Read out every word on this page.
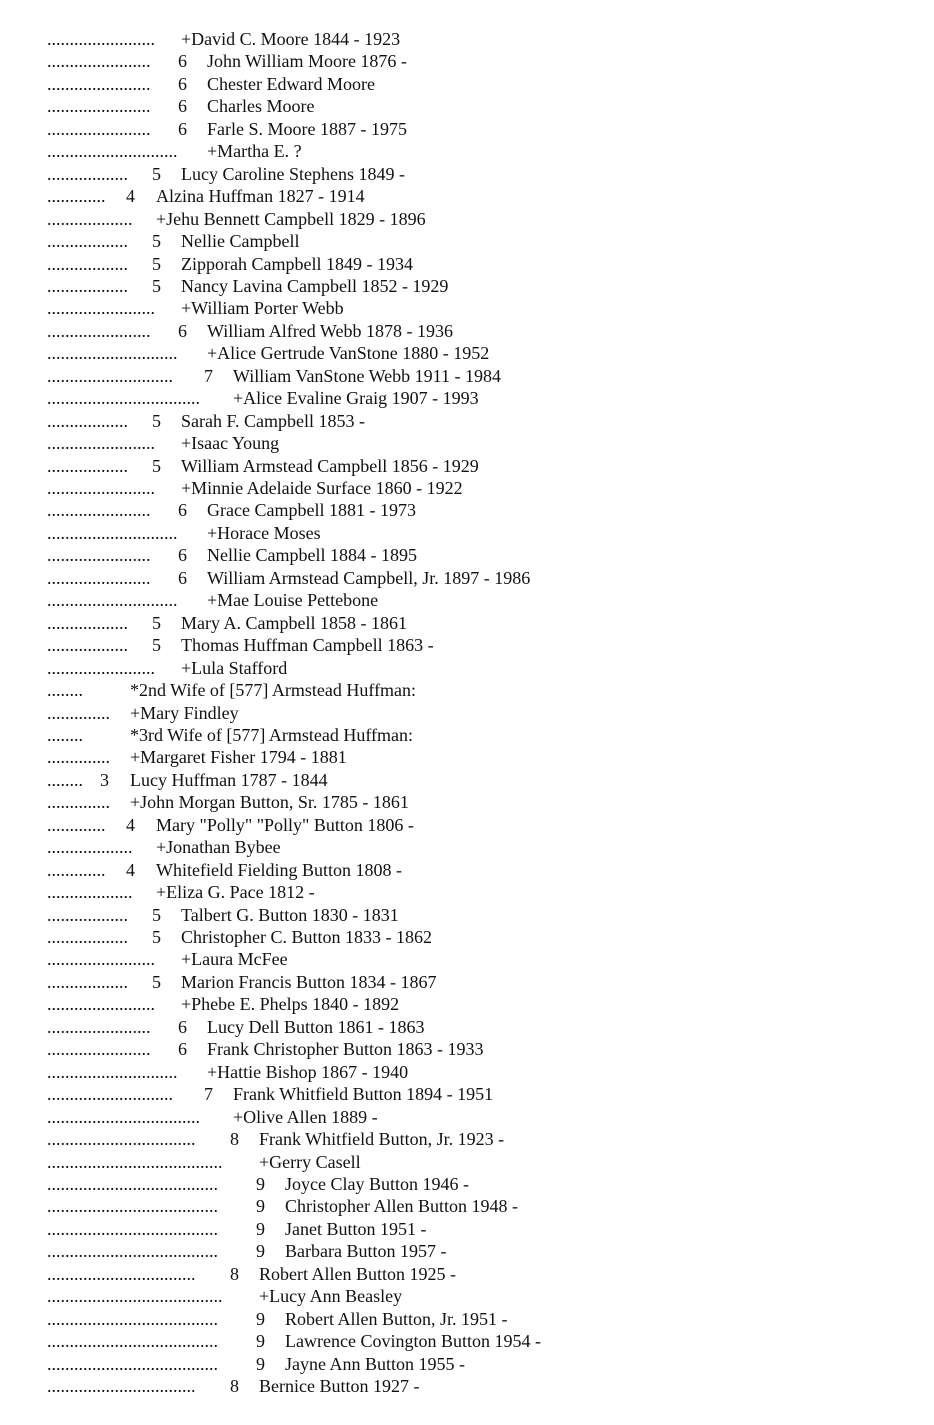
........................ +David C. Moore 1844 - 1923
....................... 6 John William Moore 1876 -
....................... 6 Chester Edward Moore
....................... 6 Charles Moore
....................... 6 Farle S. Moore 1887 - 1975
............................. +Martha E. ?
.................. 5 Lucy Caroline Stephens 1849 -
............. 4 Alzina Huffman 1827 - 1914
................... +Jehu Bennett Campbell 1829 - 1896
.................. 5 Nellie Campbell
.................. 5 Zipporah Campbell 1849 - 1934
.................. 5 Nancy Lavina Campbell 1852 - 1929
........................ +William Porter Webb
....................... 6 William Alfred Webb 1878 - 1936
............................. +Alice Gertrude VanStone 1880 - 1952
............................ 7 William VanStone Webb 1911 - 1984
.................................. +Alice Evaline Graig 1907 - 1993
.................. 5 Sarah F. Campbell 1853 -
........................ +Isaac Young
.................. 5 William Armstead Campbell 1856 - 1929
........................ +Minnie Adelaide Surface 1860 - 1922
....................... 6 Grace Campbell 1881 - 1973
............................. +Horace Moses
....................... 6 Nellie Campbell 1884 - 1895
....................... 6 William Armstead Campbell, Jr. 1897 - 1986
............................. +Mae Louise Pettebone
.................. 5 Mary A. Campbell 1858 - 1861
.................. 5 Thomas Huffman Campbell 1863 -
........................ +Lula Stafford
........	*2nd Wife of [577] Armstead Huffman:
.............. +Mary Findley
........	*3rd Wife of [577] Armstead Huffman:
.............. +Margaret Fisher 1794 - 1881
........ 3 Lucy Huffman 1787 - 1844
.............. +John Morgan Button, Sr. 1785 - 1861
............. 4 Mary "Polly" "Polly" Button 1806 -
................... +Jonathan Bybee
............. 4 Whitefield Fielding Button 1808 -
................... +Eliza G. Pace 1812 -
.................. 5 Talbert G. Button 1830 - 1831
.................. 5 Christopher C. Button 1833 - 1862
........................ +Laura McFee
.................. 5 Marion Francis Button 1834 - 1867
........................ +Phebe E. Phelps 1840 - 1892
....................... 6 Lucy Dell Button 1861 - 1863
....................... 6 Frank Christopher Button 1863 - 1933
............................. +Hattie Bishop 1867 - 1940
............................ 7 Frank Whitfield Button 1894 - 1951
.................................. +Olive Allen 1889 -
................................. 8 Frank Whitfield Button, Jr. 1923 -
....................................... +Gerry Casell
...................................... 9 Joyce Clay Button 1946 -
...................................... 9 Christopher Allen Button 1948 -
...................................... 9 Janet Button 1951 -
...................................... 9 Barbara Button 1957 -
................................. 8 Robert Allen Button 1925 -
....................................... +Lucy Ann Beasley
...................................... 9 Robert Allen Button, Jr. 1951 -
...................................... 9 Lawrence Covington Button 1954 -
...................................... 9 Jayne Ann Button 1955 -
................................. 8 Bernice Button 1927 -
